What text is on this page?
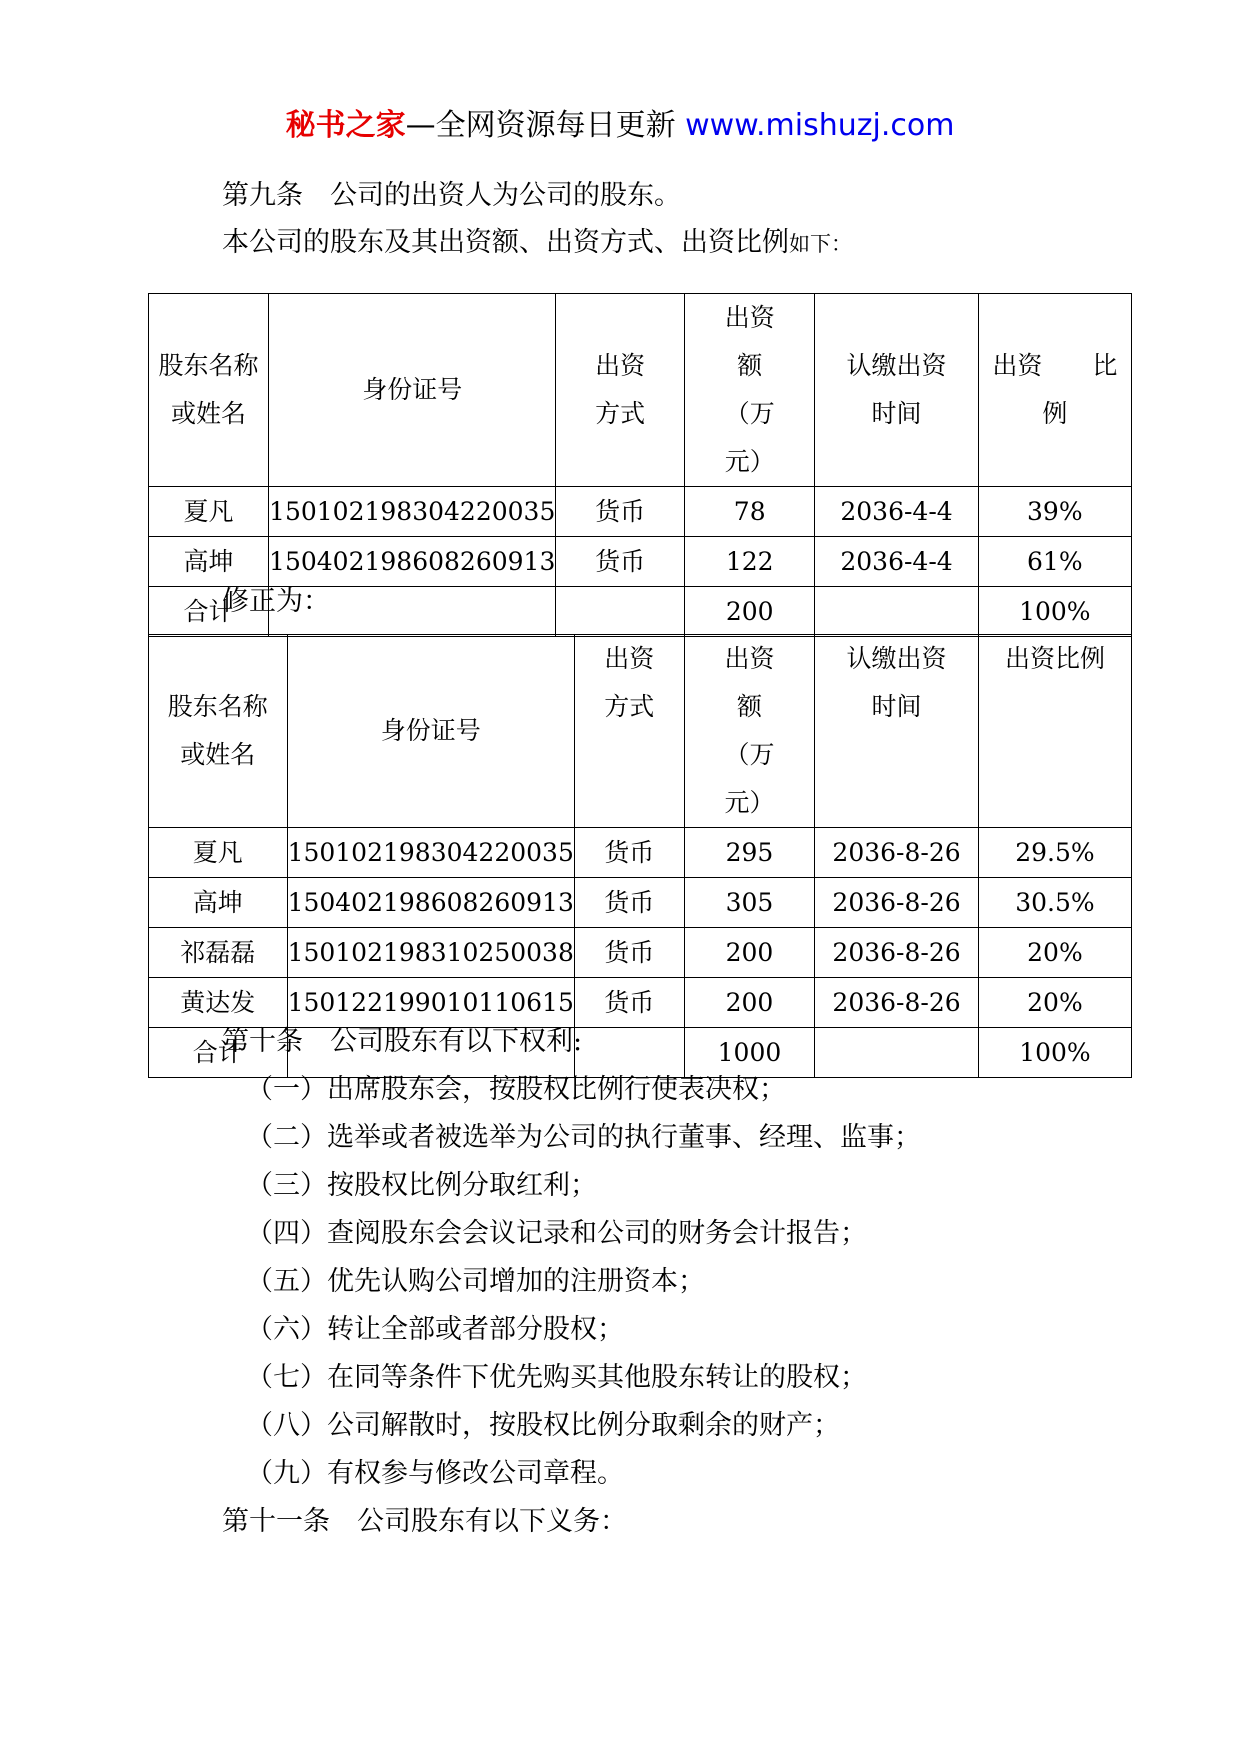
秘书之家—全网资源每日更新 www.mishuzj.com
第九条　公司的出资人为公司的股东。
本公司的股东及其出资额、出资方式、出资比例如下：
股东名称或姓名	身份证号	出资方式	出资额（万元）	认缴出资时间	出资　　比例
夏凡	150102198304220035	货币	78	2036-4-4	39%
高坤	150402198608260913	货币	122	2036-4-4	61%
合计			200		100%
修正为：
股东名称或姓名	身份证号	出资方式	出资额（万元）	认缴出资时间	出资比例
夏凡	150102198304220035	货币	295	2036-8-26	29.5%
高坤	150402198608260913	货币	305	2036-8-26	30.5%
祁磊磊	150102198310250038	货币	200	2036-8-26	20%
黄达发	150122199010110615	货币	200	2036-8-26	20%
合计			1000		100%
第十条　公司股东有以下权利:
（一）出席股东会，按股权比例行使表决权；
（二）选举或者被选举为公司的执行董事、经理、监事；
（三）按股权比例分取红利；
（四）查阅股东会会议记录和公司的财务会计报告；
（五）优先认购公司增加的注册资本；
（六）转让全部或者部分股权；
（七）在同等条件下优先购买其他股东转让的股权；
（八）公司解散时，按股权比例分取剩余的财产；
（九）有权参与修改公司章程。
第十一条　公司股东有以下义务：
